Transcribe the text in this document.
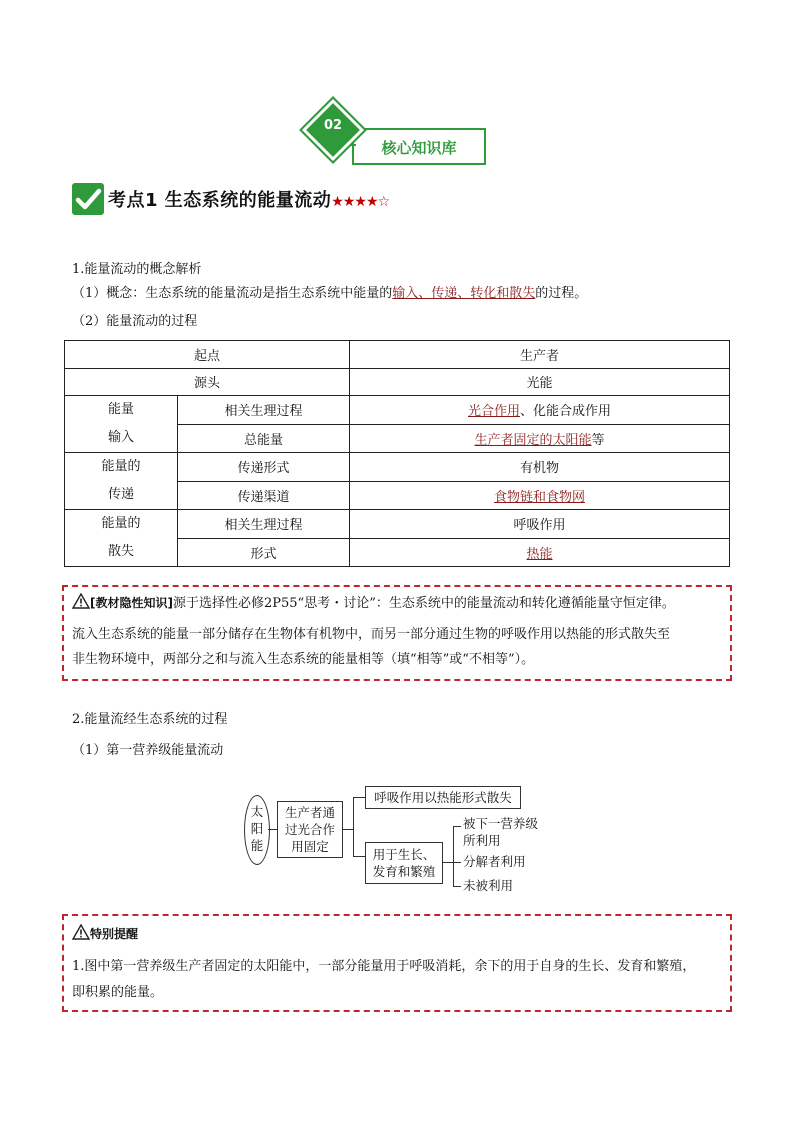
核心知识库
02
考点1 生态系统的能量流动★★★★☆
1.能量流动的概念解析
（1）概念：生态系统的能量流动是指生态系统中能量的输入、传递、转化和散失的过程。
（2）能量流动的过程
起点		生产者
源头		光能
能量
输入	相关生理过程	光合作用、化能合成作用
	总能量	生产者固定的太阳能等
能量的
传递	传递形式	有机物
	传递渠道	食物链和食物网
能量的
散失	相关生理过程	呼吸作用
	形式	热能
[教材隐性知识]源于选择性必修2P55“思考・讨论”：生态系统中的能量流动和转化遵循能量守恒定律。
流入生态系统的能量一部分储存在生物体有机物中，而另一部分通过生物的呼吸作用以热能的形式散失至
非生物环境中，两部分之和与流入生态系统的能量相等（填“相等”或“不相等”）。
2.能量流经生态系统的过程
（1）第一营养级能量流动
太
阳
能
生产者通
过光合作
用固定
呼吸作用以热能形式散失
用于生长、
发育和繁殖
被下一营养级
所利用
分解者利用
未被利用
特别提醒
1.图中第一营养级生产者固定的太阳能中，一部分能量用于呼吸消耗，余下的用于自身的生长、发育和繁殖，
即积累的能量。
